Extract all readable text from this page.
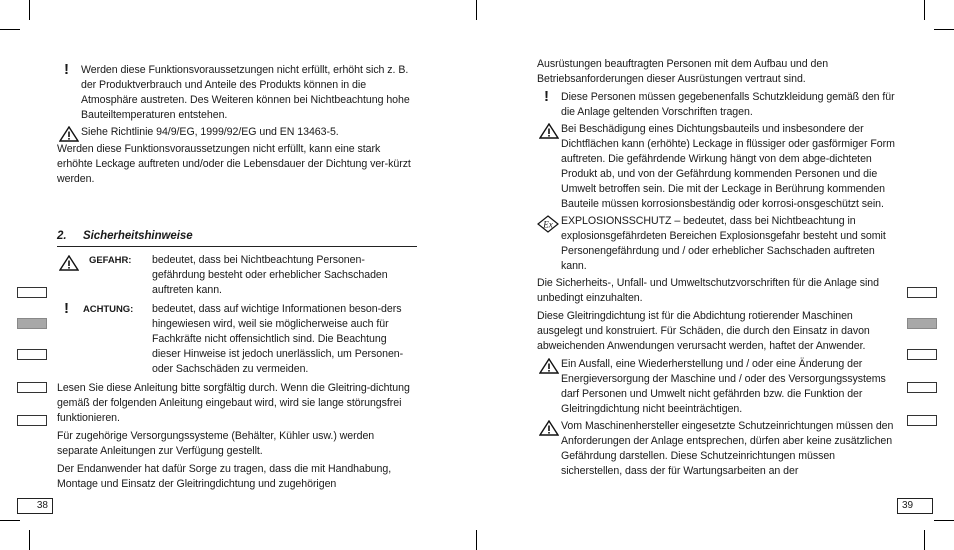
38

! Werden diese Funktionsvoraussetzungen nicht erfüllt, erhöht sich z. B. der Produktverbrauch und Anteile des Produkts können in die Atmosphäre austreten. Des Weiteren können bei Nichtbeachtung hohe Bauteiltemperaturen entstehen.

Siehe Richtlinie 94/9/EG, 1999/92/EG und EN 13463-5.

Werden diese Funktionsvoraussetzungen nicht erfüllt, kann eine stark erhöhte Leckage auftreten und/oder die Lebensdauer der Dichtung ver-kürzt werden.

2. Sicherheitshinweise
GEFAHR: bedeutet, dass bei Nichtbeachtung Personen-gefährdung besteht oder erheblicher Sachschaden auftreten kann.
! ACHTUNG: bedeutet, dass auf wichtige Informationen beson-ders hingewiesen wird, weil sie möglicherweise auch für Fachkräfte nicht offensichtlich sind. Die Beachtung dieser Hinweise ist jedoch unerlässlich, um Personen- oder Sachschäden zu vermeiden.

Lesen Sie diese Anleitung bitte sorgfältig durch. Wenn die Gleitring-dichtung gemäß der folgenden Anleitung eingebaut wird, wird sie lange störungsfrei funktionieren.

Für zugehörige Versorgungssysteme (Behälter, Kühler usw.) werden separate Anleitungen zur Verfügung gestellt.

Der Endanwender hat dafür Sorge zu tragen, dass die mit Handhabung, Montage und Einsatz der Gleitringdichtung und zugehörigen

39

Ausrüstungen beauftragten Personen mit dem Aufbau und den Betriebsanforderungen dieser Ausrüstungen vertraut sind.

! Diese Personen müssen gegebenenfalls Schutzkleidung gemäß den für die Anlage geltenden Vorschriften tragen.

Bei Beschädigung eines Dichtungsbauteils und insbesondere der Dichtflächen kann (erhöhte) Leckage in flüssiger oder gasförmiger Form auftreten. Die gefährdende Wirkung hängt von dem abge-dichteten Produkt ab, und von der Gefährdung kommenden Personen und die Umwelt betroffen sein. Die mit der Leckage in Berührung kommenden Bauteile müssen korrosionsbeständig oder korrosi-onsgeschützt sein.

Ex EXPLOSIONSSCHUTZ – bedeutet, dass bei Nichtbeachtung in explosionsgefährdeten Bereichen Explosionsgefahr besteht und somit Personengefährdung und / oder erheblicher Sachschaden auftreten kann.

Die Sicherheits-, Unfall- und Umweltschutzvorschriften für die Anlage sind unbedingt einzuhalten.

Diese Gleitringdichtung ist für die Abdichtung rotierender Maschinen ausgelegt und konstruiert. Für Schäden, die durch den Einsatz in davon abweichenden Anwendungen verursacht werden, haftet der Anwender.

Ein Ausfall, eine Wiederherstellung und / oder eine Änderung der Energieversorgung der Maschine und / oder des Versorgungssystems darf Personen und Umwelt nicht gefährden bzw. die Funktion der Gleitringdichtung nicht beeinträchtigen.

Vom Maschinenhersteller eingesetzte Schutzeinrichtungen müssen den Anforderungen der Anlage entsprechen, dürfen aber keine zusätzlichen Gefährdung darstellen. Diese Schutzeinrichtungen müssen sicherstellen, dass der für Wartungsarbeiten an der
